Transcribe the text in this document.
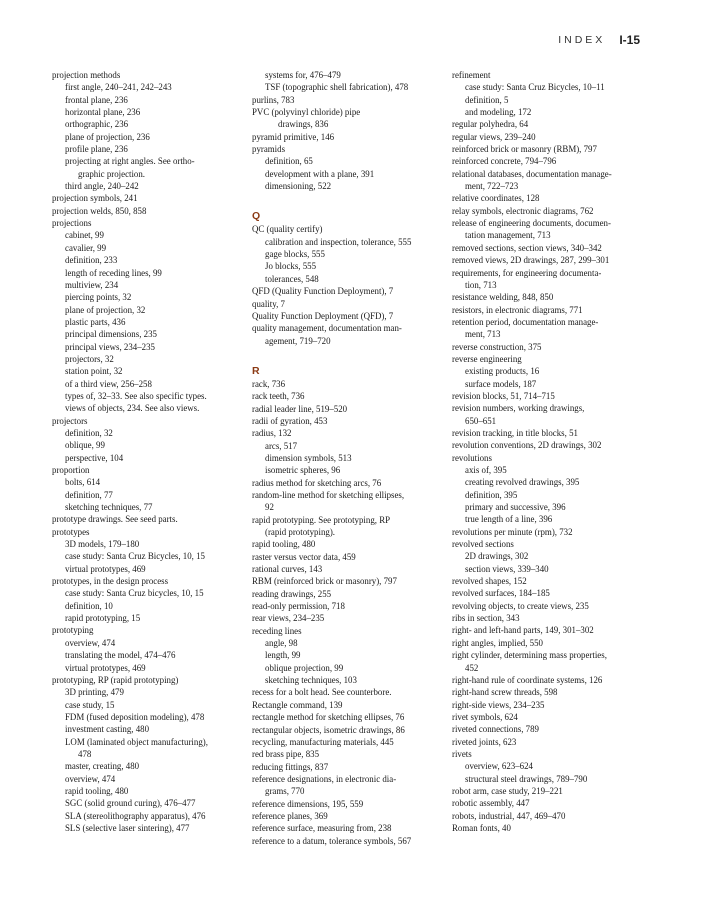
INDEX I-15
projection methods
first angle, 240–241, 242–243
frontal plane, 236
horizontal plane, 236
orthographic, 236
plane of projection, 236
profile plane, 236
projecting at right angles. See ortho-
graphic projection.
third angle, 240–242
projection symbols, 241
projection welds, 850, 858
projections
cabinet, 99
cavalier, 99
definition, 233
length of receding lines, 99
multiview, 234
piercing points, 32
plane of projection, 32
plastic parts, 436
principal dimensions, 235
principal views, 234–235
projectors, 32
station point, 32
of a third view, 256–258
types of, 32–33. See also specific types.
views of objects, 234. See also views.
projectors
definition, 32
oblique, 99
perspective, 104
proportion
bolts, 614
definition, 77
sketching techniques, 77
prototype drawings. See seed parts.
prototypes
3D models, 179–180
case study: Santa Cruz Bicycles, 10, 15
virtual prototypes, 469
prototypes, in the design process
case study: Santa Cruz bicycles, 10, 15
definition, 10
rapid prototyping, 15
prototyping
overview, 474
translating the model, 474–476
virtual prototypes, 469
prototyping, RP (rapid prototyping)
3D printing, 479
case study, 15
FDM (fused deposition modeling), 478
investment casting, 480
LOM (laminated object manufacturing),
478
master, creating, 480
overview, 474
rapid tooling, 480
SGC (solid ground curing), 476–477
SLA (stereolithography apparatus), 476
SLS (selective laser sintering), 477
systems for, 476–479
TSF (topographic shell fabrication), 478
purlins, 783
PVC (polyvinyl chloride) pipe
drawings, 836
pyramid primitive, 146
pyramids
definition, 65
development with a plane, 391
dimensioning, 522
Q
QC (quality certify)
calibration and inspection, tolerance, 555
gage blocks, 555
Jo blocks, 555
tolerances, 548
QFD (Quality Function Deployment), 7
quality, 7
Quality Function Deployment (QFD), 7
quality management, documentation man-
agement, 719–720
R
rack, 736
rack teeth, 736
radial leader line, 519–520
radii of gyration, 453
radius, 132
arcs, 517
dimension symbols, 513
isometric spheres, 96
radius method for sketching arcs, 76
random-line method for sketching ellipses,
92
rapid prototyping. See prototyping, RP
(rapid prototyping).
rapid tooling, 480
raster versus vector data, 459
rational curves, 143
RBM (reinforced brick or masonry), 797
reading drawings, 255
read-only permission, 718
rear views, 234–235
receding lines
angle, 98
length, 99
oblique projection, 99
sketching techniques, 103
recess for a bolt head. See counterbore.
Rectangle command, 139
rectangle method for sketching ellipses, 76
rectangular objects, isometric drawings, 86
recycling, manufacturing materials, 445
red brass pipe, 835
reducing fittings, 837
reference designations, in electronic dia-
grams, 770
reference dimensions, 195, 559
reference planes, 369
reference surface, measuring from, 238
reference to a datum, tolerance symbols, 567
refinement
case study: Santa Cruz Bicycles, 10–11
definition, 5
and modeling, 172
regular polyhedra, 64
regular views, 239–240
reinforced brick or masonry (RBM), 797
reinforced concrete, 794–796
relational databases, documentation manage-
ment, 722–723
relative coordinates, 128
relay symbols, electronic diagrams, 762
release of engineering documents, documen-
tation management, 713
removed sections, section views, 340–342
removed views, 2D drawings, 287, 299–301
requirements, for engineering documenta-
tion, 713
resistance welding, 848, 850
resistors, in electronic diagrams, 771
retention period, documentation manage-
ment, 713
reverse construction, 375
reverse engineering
existing products, 16
surface models, 187
revision blocks, 51, 714–715
revision numbers, working drawings,
650–651
revision tracking, in title blocks, 51
revolution conventions, 2D drawings, 302
revolutions
axis of, 395
creating revolved drawings, 395
definition, 395
primary and successive, 396
true length of a line, 396
revolutions per minute (rpm), 732
revolved sections
2D drawings, 302
section views, 339–340
revolved shapes, 152
revolved surfaces, 184–185
revolving objects, to create views, 235
ribs in section, 343
right- and left-hand parts, 149, 301–302
right angles, implied, 550
right cylinder, determining mass properties,
452
right-hand rule of coordinate systems, 126
right-hand screw threads, 598
right-side views, 234–235
rivet symbols, 624
riveted connections, 789
riveted joints, 623
rivets
overview, 623–624
structural steel drawings, 789–790
robot arm, case study, 219–221
robotic assembly, 447
robots, industrial, 447, 469–470
Roman fonts, 40
